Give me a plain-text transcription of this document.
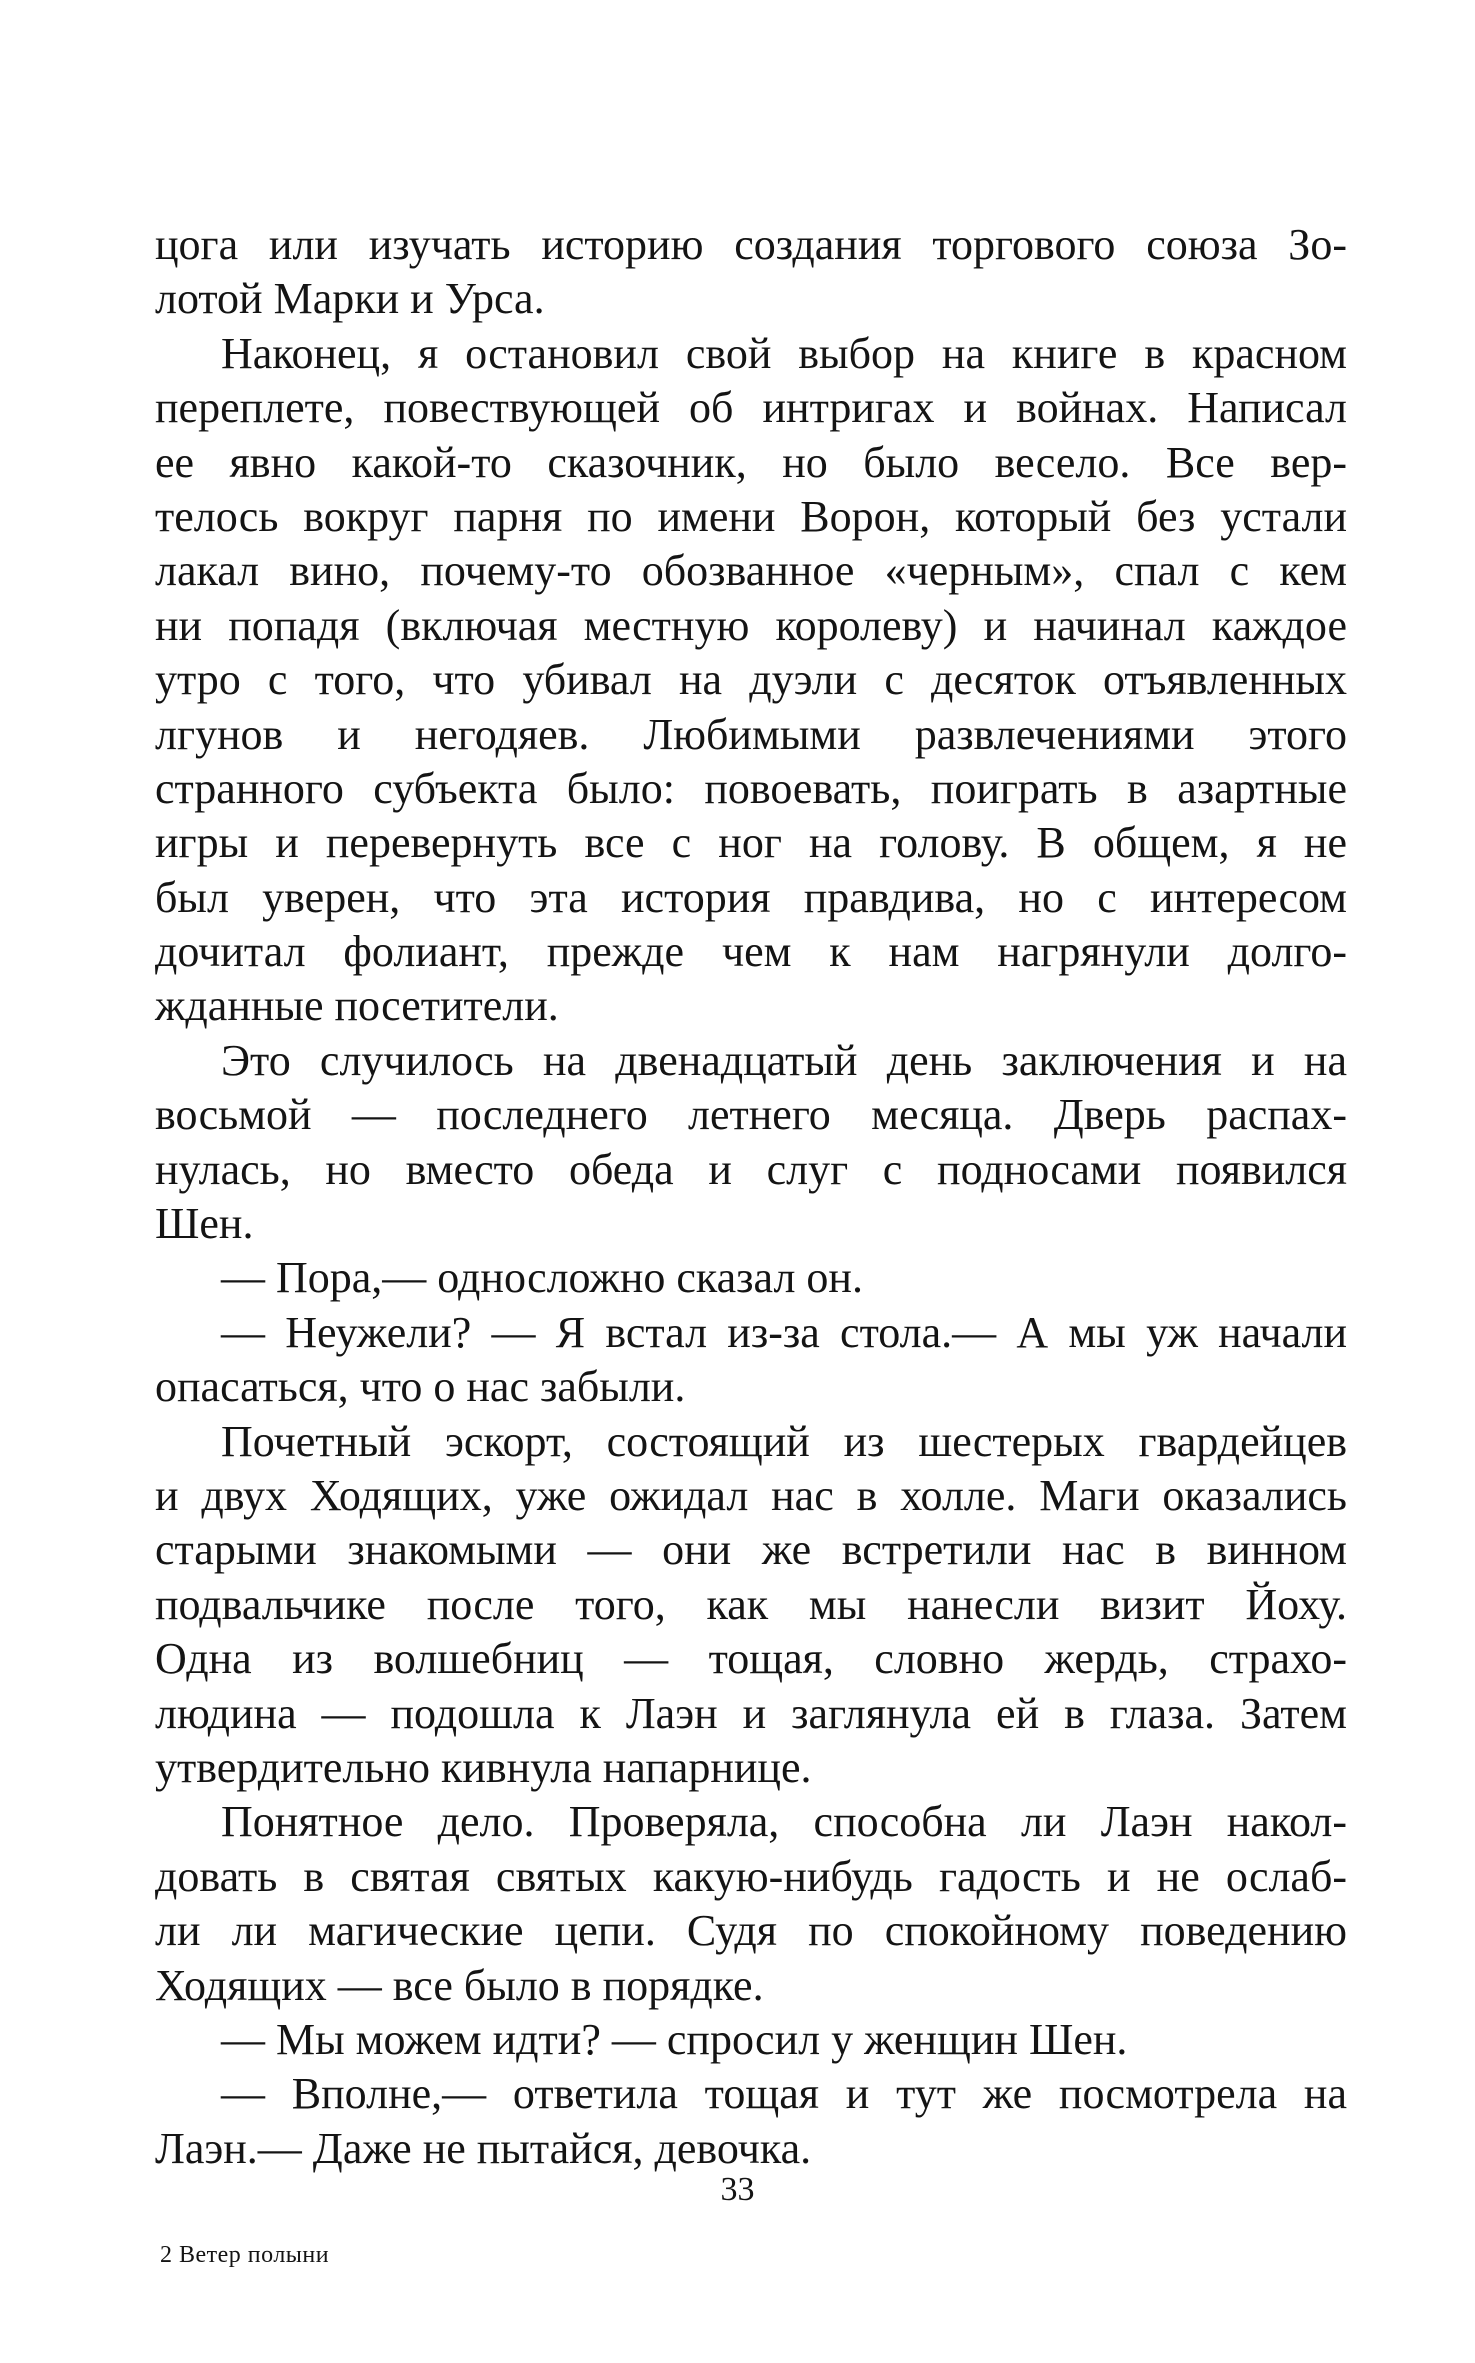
цога или изучать историю создания торгового союза Зо-
лотой Марки и Урса.
Наконец, я остановил свой выбор на книге в красном
переплете, повествующей об интригах и войнах. Написал
ее явно какой-то сказочник, но было весело. Все вер-
телось вокруг парня по имени Ворон, который без устали
лакал вино, почему-то обозванное «черным», спал с кем
ни попадя (включая местную королеву) и начинал каждое
утро с того, что убивал на дуэли с десяток отъявленных
лгунов и негодяев. Любимыми развлечениями этого
странного субъекта было: повоевать, поиграть в азартные
игры и перевернуть все с ног на голову. В общем, я не
был уверен, что эта история правдива, но с интересом
дочитал фолиант, прежде чем к нам нагрянули долго-
жданные посетители.
Это случилось на двенадцатый день заключения и на
восьмой — последнего летнего месяца. Дверь распах-
нулась, но вместо обеда и слуг с подносами появился
Шен.
— Пора,— односложно сказал он.
— Неужели? — Я встал из-за стола.— А мы уж начали
опасаться, что о нас забыли.
Почетный эскорт, состоящий из шестерых гвардейцев
и двух Ходящих, уже ожидал нас в холле. Маги оказались
старыми знакомыми — они же встретили нас в винном
подвальчике после того, как мы нанесли визит Йоху.
Одна из волшебниц — тощая, словно жердь, страхо-
людина — подошла к Лаэн и заглянула ей в глаза. Затем
утвердительно кивнула напарнице.
Понятное дело. Проверяла, способна ли Лаэн накол-
довать в святая святых какую-нибудь гадость и не ослаб-
ли ли магические цепи. Судя по спокойному поведению
Ходящих — все было в порядке.
— Мы можем идти? — спросил у женщин Шен.
— Вполне,— ответила тощая и тут же посмотрела на
Лаэн.— Даже не пытайся, девочка.
33
2 Ветер полыни
